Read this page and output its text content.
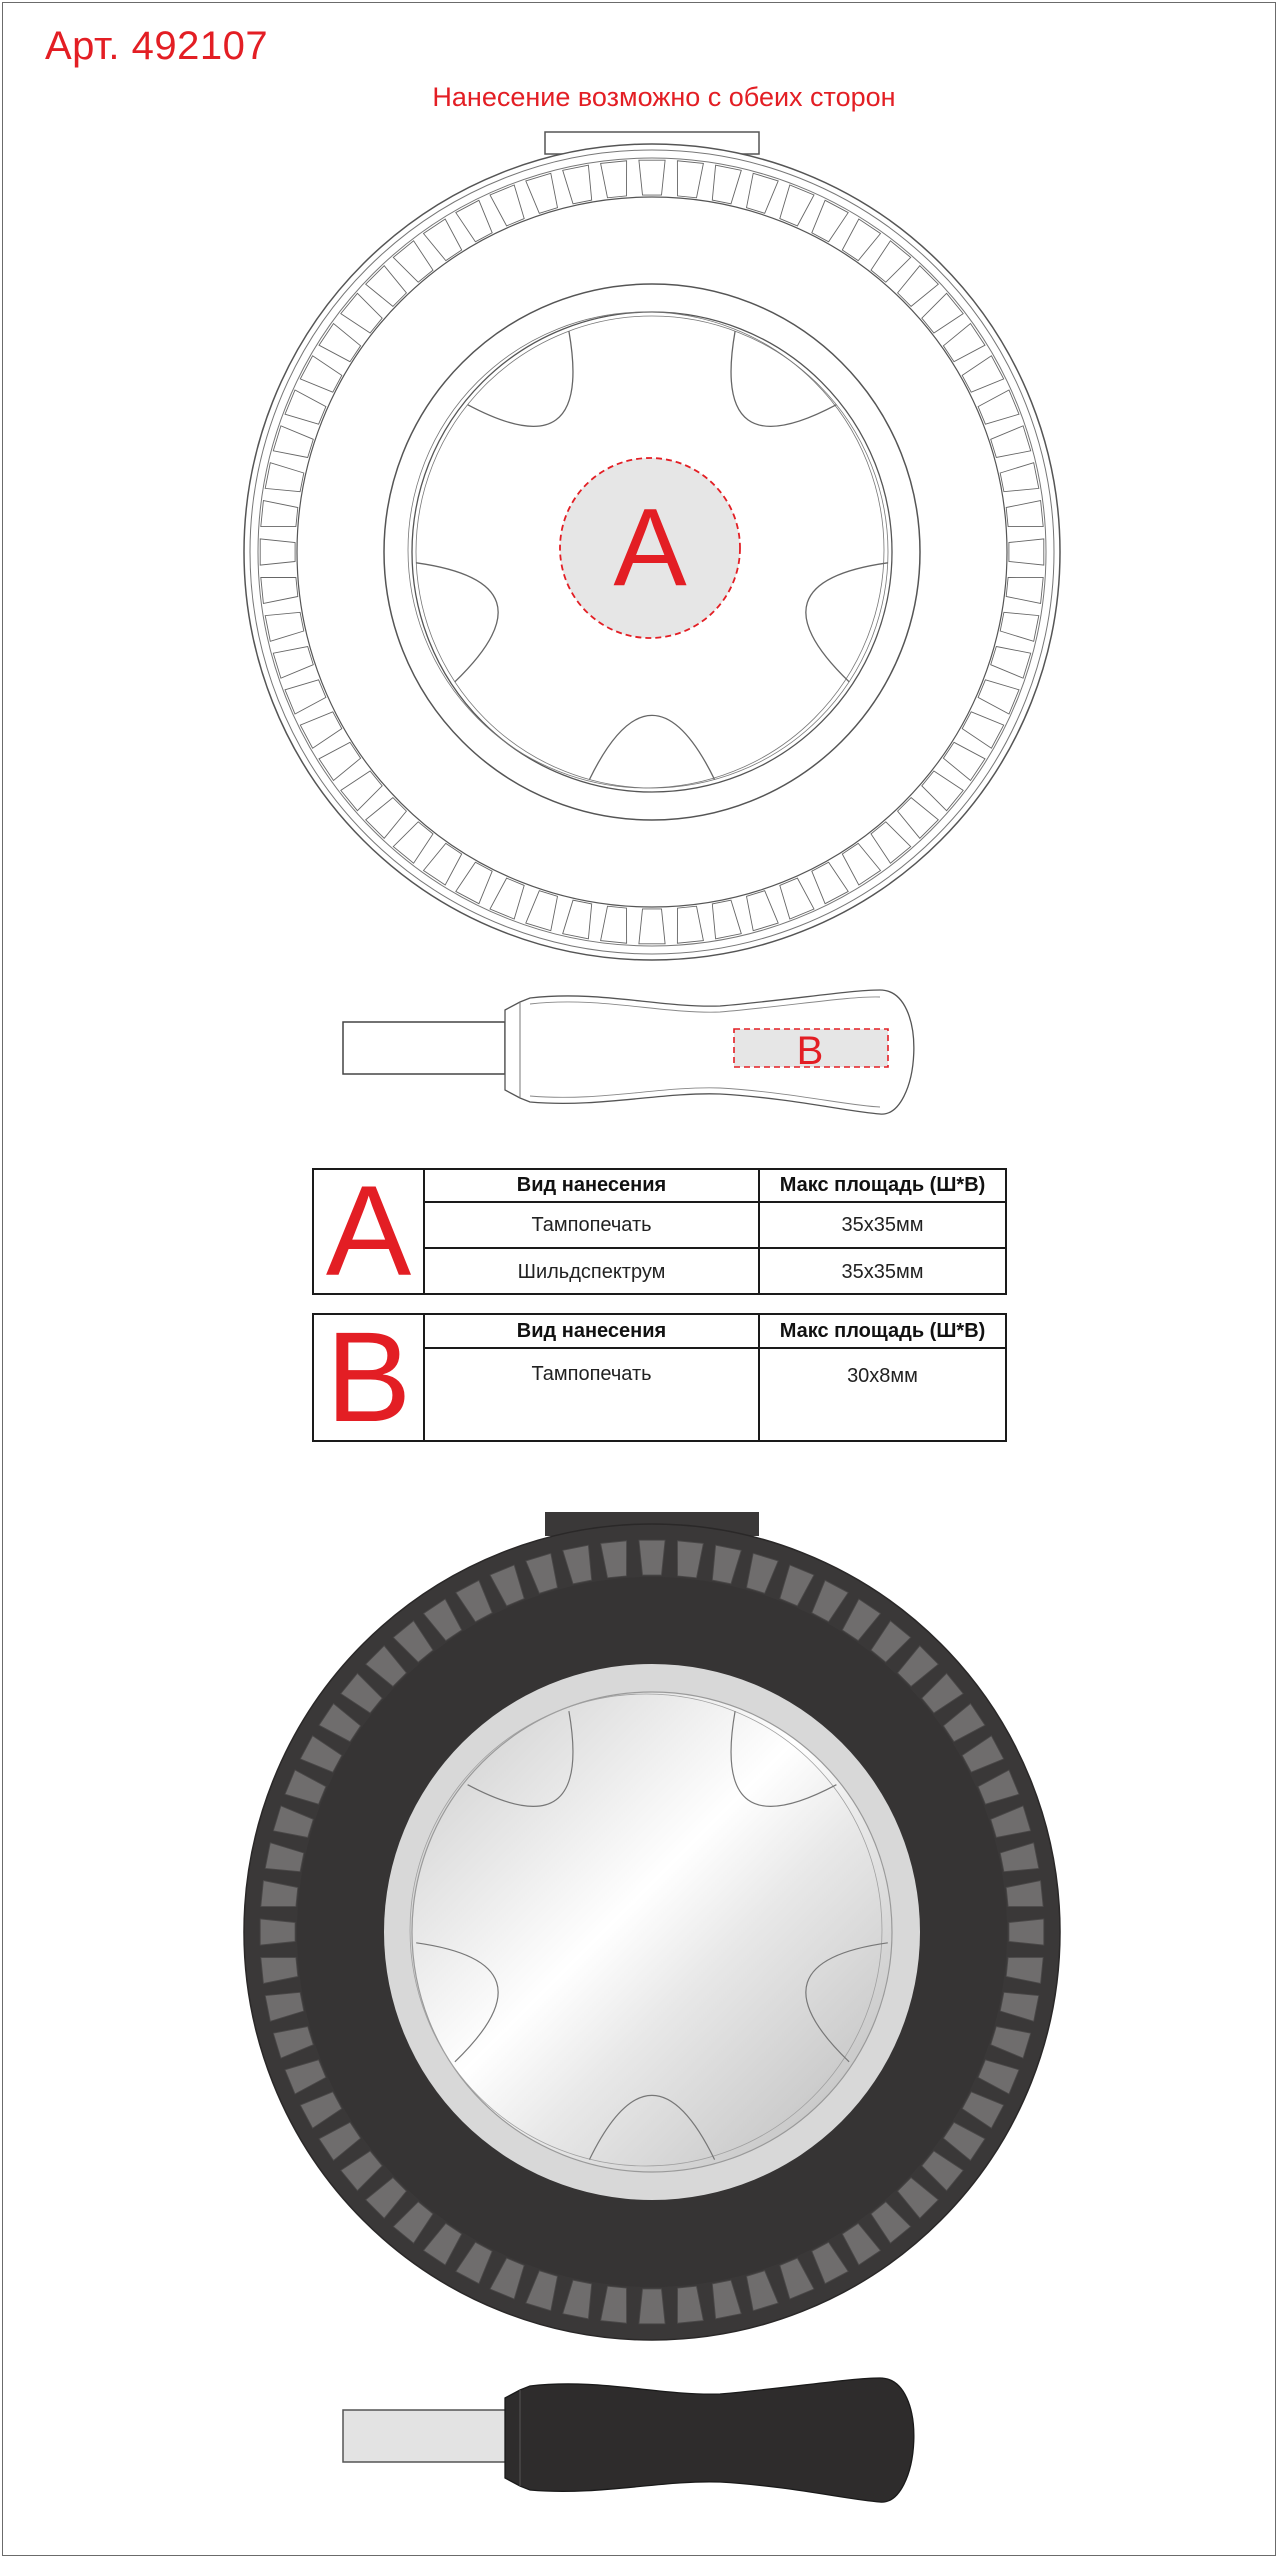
Арт. 492107
Нанесение возможно с обеих сторон
A
B
A	Вид нанесения	Макс площадь (Ш*В)
Тампопечать	35x35мм
Шильдспектрум	35x35мм
B	Вид нанесения	Макс площадь (Ш*В)
Тампопечать	30x8мм
